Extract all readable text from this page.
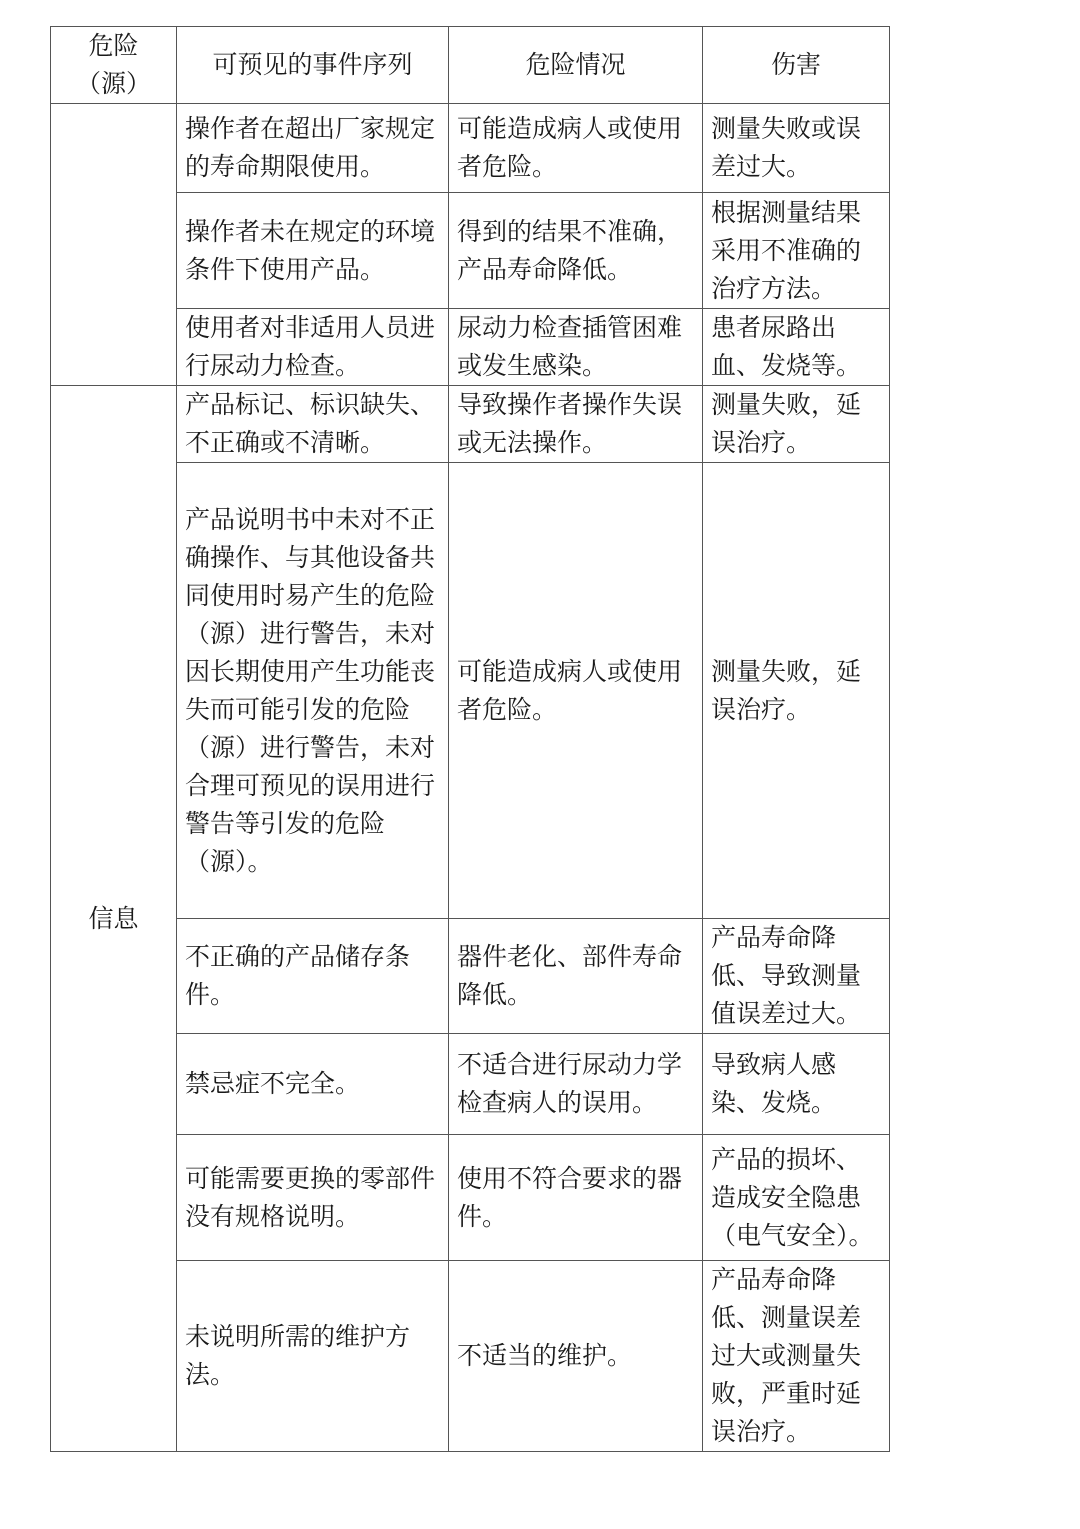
危险（源）	可预见的事件序列	危险情况	伤害
	操作者在超出厂家规定的寿命期限使用。	可能造成病人或使用者危险。	测量失败或误差过大。
	操作者未在规定的环境条件下使用产品。	得到的结果不准确，产品寿命降低。	根据测量结果采用不准确的治疗方法。
	使用者对非适用人员进行尿动力检查。	尿动力检查插管困难或发生感染。	患者尿路出血、发烧等。
信息	产品标记、标识缺失、不正确或不清晰。	导致操作者操作失误或无法操作。	测量失败，延误治疗。
	产品说明书中未对不正确操作、与其他设备共同使用时易产生的危险（源）进行警告，未对因长期使用产生功能丧失而可能引发的危险（源）进行警告，未对合理可预见的误用进行警告等引发的危险（源）。	可能造成病人或使用者危险。	测量失败，延误治疗。
	不正确的产品储存条件。	器件老化、部件寿命降低。	产品寿命降低、导致测量值误差过大。
	禁忌症不完全。	不适合进行尿动力学检查病人的误用。	导致病人感染、发烧。
	可能需要更换的零部件没有规格说明。	使用不符合要求的器件。	产品的损坏、造成安全隐患（电气安全）。
	未说明所需的维护方法。	不适当的维护。	产品寿命降低、测量误差过大或测量失败，严重时延误治疗。
